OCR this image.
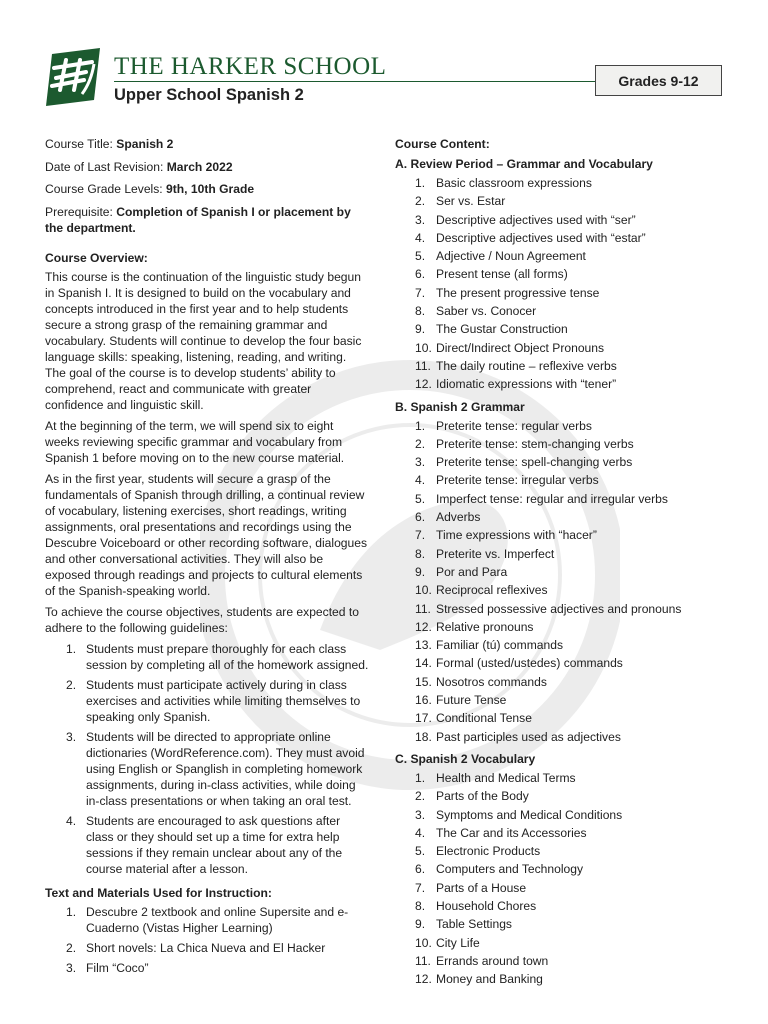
THE HARKER SCHOOL
Upper School Spanish 2
Grades 9-12
Course Title: Spanish 2
Date of Last Revision: March 2022
Course Grade Levels: 9th, 10th Grade
Prerequisite: Completion of Spanish I or placement by the department.
Course Overview:

This course is the continuation of the linguistic study begun in Spanish I. It is designed to build on the vocabulary and concepts introduced in the first year and to help students secure a strong grasp of the remaining grammar and vocabulary. Students will continue to develop the four basic language skills: speaking, listening, reading, and writing. The goal of the course is to develop students’ ability to comprehend, react and communicate with greater confidence and linguistic skill.

At the beginning of the term, we will spend six to eight weeks reviewing specific grammar and vocabulary from Spanish 1 before moving on to the new course material.

As in the first year, students will secure a grasp of the fundamentals of Spanish through drilling, a continual review of vocabulary, listening exercises, short readings, writing assignments, oral presentations and recordings using the Descubre Voiceboard or other recording software, dialogues and other conversational activities. They will also be exposed through readings and projects to cultural elements of the Spanish-speaking world.

To achieve the course objectives, students are expected to adhere to the following guidelines:

1. Students must prepare thoroughly for each class session by completing all of the homework assigned.
2. Students must participate actively during in class exercises and activities while limiting themselves to speaking only Spanish.
3. Students will be directed to appropriate online dictionaries (WordReference.com). They must avoid using English or Spanglish in completing homework assignments, during in-class activities, while doing in-class presentations or when taking an oral test.
4. Students are encouraged to ask questions after class or they should set up a time for extra help sessions if they remain unclear about any of the course material after a lesson.
Text and Materials Used for Instruction:
1. Descubre 2 textbook and online Supersite and e-Cuaderno (Vistas Higher Learning)
2. Short novels: La Chica Nueva and El Hacker
3. Film “Coco”
Course Content:
A. Review Period – Grammar and Vocabulary
1. Basic classroom expressions
2. Ser vs. Estar
3. Descriptive adjectives used with “ser”
4. Descriptive adjectives used with “estar”
5. Adjective / Noun Agreement
6. Present tense (all forms)
7. The present progressive tense
8. Saber vs. Conocer
9. The Gustar Construction
10. Direct/Indirect Object Pronouns
11. The daily routine – reflexive verbs
12. Idiomatic expressions with “tener”
B. Spanish 2 Grammar
1. Preterite tense: regular verbs
2. Preterite tense: stem-changing verbs
3. Preterite tense: spell-changing verbs
4. Preterite tense: irregular verbs
5. Imperfect tense: regular and irregular verbs
6. Adverbs
7. Time expressions with “hacer”
8. Preterite vs. Imperfect
9. Por and Para
10. Reciprocal reflexives
11. Stressed possessive adjectives and pronouns
12. Relative pronouns
13. Familiar (tú) commands
14. Formal (usted/ustedes) commands
15. Nosotros commands
16. Future Tense
17. Conditional Tense
18. Past participles used as adjectives
C. Spanish 2 Vocabulary
1. Health and Medical Terms
2. Parts of the Body
3. Symptoms and Medical Conditions
4. The Car and its Accessories
5. Electronic Products
6. Computers and Technology
7. Parts of a House
8. Household Chores
9. Table Settings
10. City Life
11. Errands around town
12. Money and Banking
